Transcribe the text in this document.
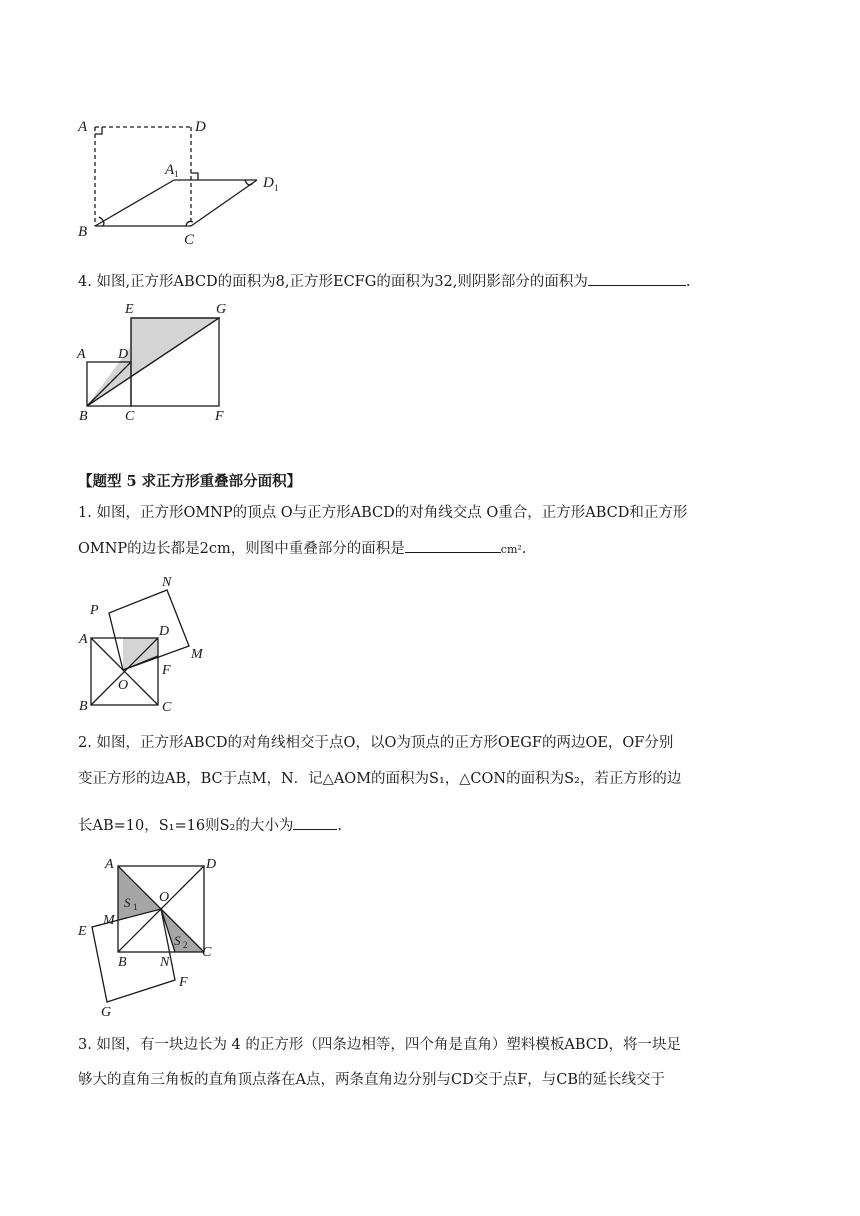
A	D
A 1
D 1
B	C
4. 如图,正方形ABCD的面积为8,正方形ECFG的面积为32,则阴影部分的面积为	.
E	G
A D
B	C	F
【题型 5 求正方形重叠部分面积】
1. 如图，正方形OMNP的顶点 O与正方形ABCD的对角线交点 O重合，正方形ABCD和正方形
OMNP的边长都是2cm，则图中重叠部分的面积是	cm².
N
P
A
D
M
F
O
B	C
2. 如图，正方形ABCD的对角线相交于点O，以O为顶点的正方形OEGF的两边OE，OF分别
变正方形的边AB，BC于点M，N．记△AOM的面积为S₁，△CON的面积为S₂，若正方形的边
长AB=10，S₁=16则S₂的大小为	.
A	D
S 1
O
M
E
S 2 C
B N
F
G
3. 如图，有一块边长为 4 的正方形（四条边相等，四个角是直角）塑料模板ABCD，将一块足
够大的直角三角板的直角顶点落在A点，两条直角边分别与CD交于点F，与CB的延长线交于
